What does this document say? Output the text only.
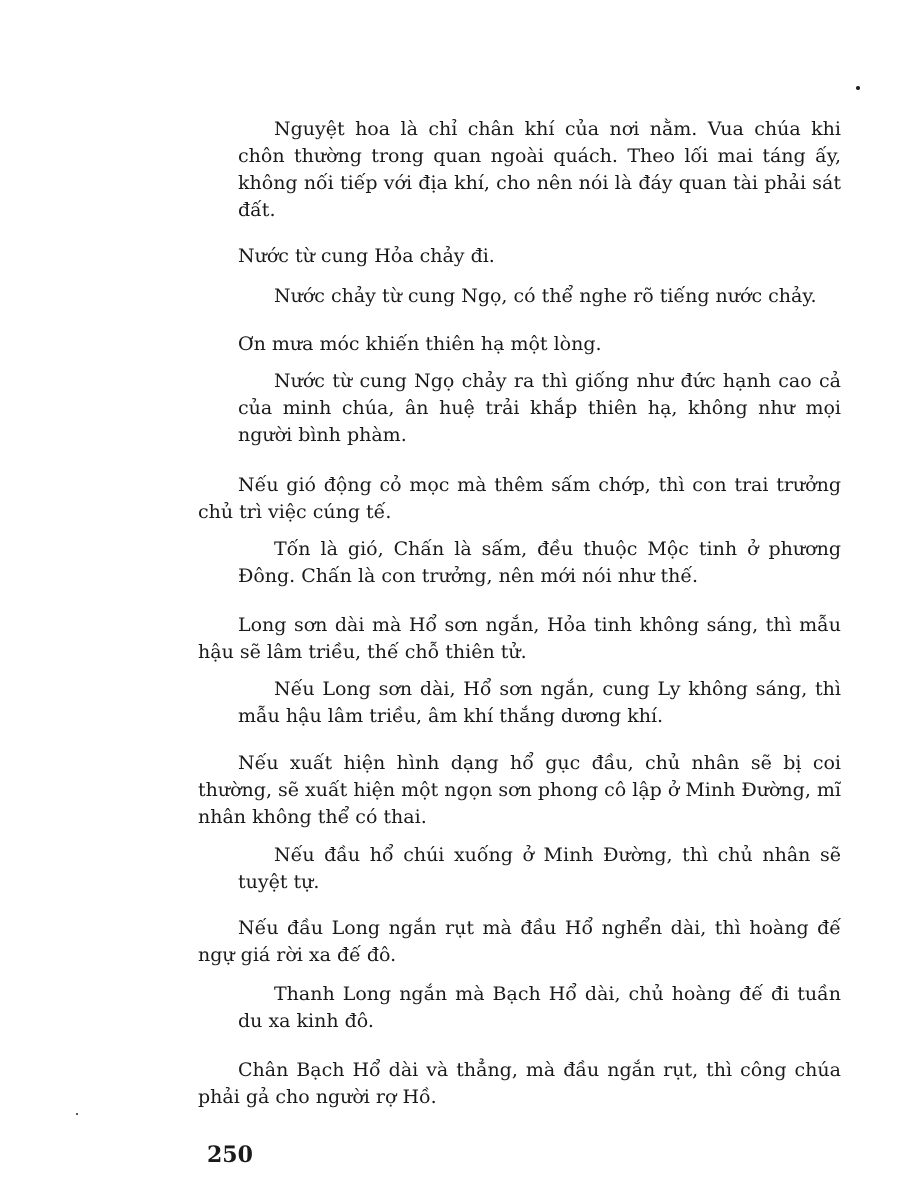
Nguyệt hoa là chỉ chân khí của nơi nằm. Vua chúa khi chôn thường trong quan ngoài quách. Theo lối mai táng ấy, không nối tiếp với địa khí, cho nên nói là đáy quan tài phải sát đất.

Nước từ cung Hỏa chảy đi.

Nước chảy từ cung Ngọ, có thể nghe rõ tiếng nước chảy.

Ơn mưa móc khiến thiên hạ một lòng.

Nước từ cung Ngọ chảy ra thì giống như đức hạnh cao cả của minh chúa, ân huệ trải khắp thiên hạ, không như mọi người bình phàm.

Nếu gió động cỏ mọc mà thêm sấm chớp, thì con trai trưởng chủ trì việc cúng tế.

Tốn là gió, Chấn là sấm, đều thuộc Mộc tinh ở phương Đông. Chấn là con trưởng, nên mới nói như thế.

Long sơn dài mà Hổ sơn ngắn, Hỏa tinh không sáng, thì mẫu hậu sẽ lâm triều, thế chỗ thiên tử.

Nếu Long sơn dài, Hổ sơn ngắn, cung Ly không sáng, thì mẫu hậu lâm triều, âm khí thắng dương khí.

Nếu xuất hiện hình dạng hổ gục đầu, chủ nhân sẽ bị coi thường, sẽ xuất hiện một ngọn sơn phong cô lập ở Minh Đường, mĩ nhân không thể có thai.

Nếu đầu hổ chúi xuống ở Minh Đường, thì chủ nhân sẽ tuyệt tự.

Nếu đầu Long ngắn rụt mà đầu Hổ nghển dài, thì hoàng đế ngự giá rời xa đế đô.

Thanh Long ngắn mà Bạch Hổ dài, chủ hoàng đế đi tuần du xa kinh đô.

Chân Bạch Hổ dài và thẳng, mà đầu ngắn rụt, thì công chúa phải gả cho người rợ Hồ.

250
